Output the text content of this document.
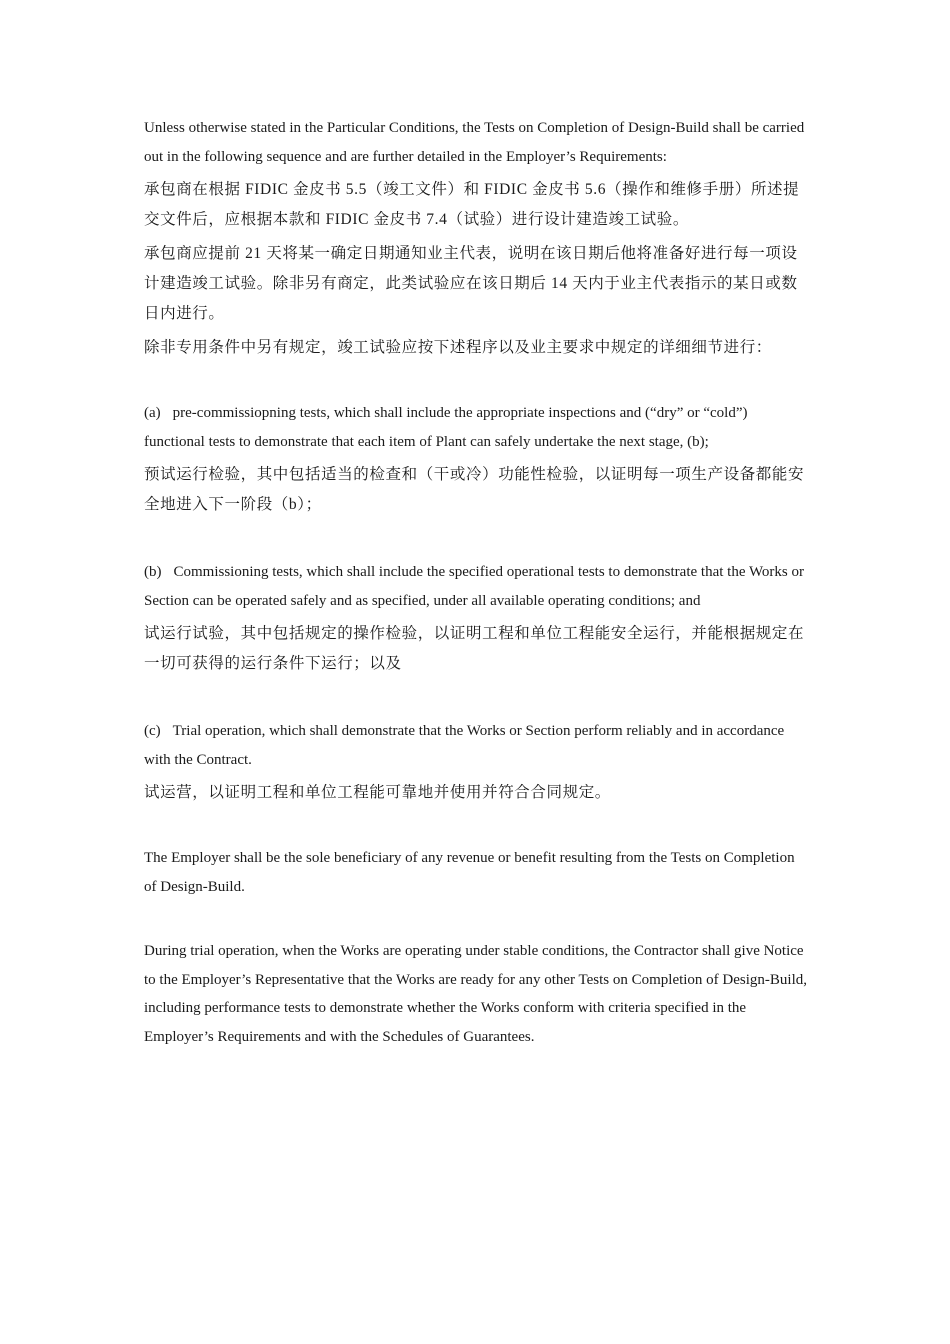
Unless otherwise stated in the Particular Conditions, the Tests on Completion of Design-Build shall be carried out in the following sequence and are further detailed in the Employer’s Requirements:

承包商在根据 FIDIC 金皮书 5.5（竣工文件）和 FIDIC 金皮书 5.6（操作和维修手册）所述提交文件后，应根据本款和 FIDIC 金皮书 7.4（试验）进行设计建造竣工试验。

承包商应提前 21 天将某一确定日期通知业主代表，说明在该日期后他将准备好进行每一项设计建造竣工试验。除非另有商定，此类试验应在该日期后 14 天内于业主代表指示的某日或数日内进行。

除非专用条件中另有规定，竣工试验应按下述程序以及业主要求中规定的详细细节进行：

(a) pre-commissiopning tests, which shall include the appropriate inspections and (“dry” or “cold”) functional tests to demonstrate that each item of Plant can safely undertake the next stage, (b);

预试运行检验，其中包括适当的检查和（干或冷）功能性检验，以证明每一项生产设备都能安全地进入下一阶段（b）；

(b) Commissioning tests, which shall include the specified operational tests to demonstrate that the Works or Section can be operated safely and as specified, under all available operating conditions; and

试运行试验，其中包括规定的操作检验，以证明工程和单位工程能安全运行，并能根据规定在一切可获得的运行条件下运行；以及

(c) Trial operation, which shall demonstrate that the Works or Section perform reliably and in accordance with the Contract.

试运营，以证明工程和单位工程能可靠地并使用并符合合同规定。

The Employer shall be the sole beneficiary of any revenue or benefit resulting from the Tests on Completion of Design-Build.

During trial operation, when the Works are operating under stable conditions, the Contractor shall give Notice to the Employer’s Representative that the Works are ready for any other Tests on Completion of Design-Build, including performance tests to demonstrate whether the Works conform with criteria specified in the Employer’s Requirements and with the Schedules of Guarantees.
